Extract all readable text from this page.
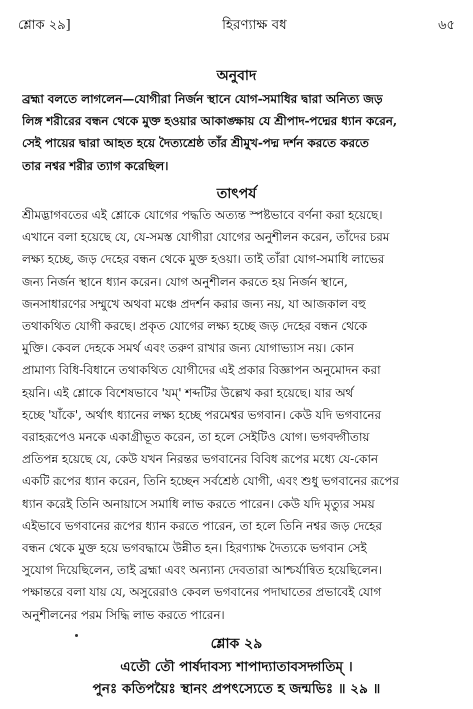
শ্লোক ২৯]	হিরণ্যাক্ষ বধ	৬৫
অনুবাদ
ব্রহ্মা বলতে লাগলেন—যোগীরা নির্জন স্থানে যোগ-সমাধির দ্বারা অনিত্য জড়
লিঙ্গ শরীরের বন্ধন থেকে মুক্ত হওয়ার আকাঙ্ক্ষায় যে শ্রীপাদ-পদ্মের ধ্যান করেন,
সেই পায়ের দ্বারা আহত হয়ে দৈত্যশ্রেষ্ঠ তাঁর শ্রীমুখ-পদ্ম দর্শন করতে করতে
তার নশ্বর শরীর ত্যাগ করেছিল।
তাৎপর্য
শ্রীমদ্ভাগবতের এই শ্লোকে যোগের পদ্ধতি অত্যন্ত স্পষ্টভাবে বর্ণনা করা হয়েছে।
এখানে বলা হয়েছে যে, যে-সমস্ত যোগীরা যোগের অনুশীলন করেন, তাঁদের চরম
লক্ষ্য হচ্ছে, জড় দেহের বন্ধন থেকে মুক্ত হওয়া। তাই তাঁরা যোগ-সমাধি লাভের
জন্য নির্জন স্থানে ধ্যান করেন। যোগ অনুশীলন করতে হয় নির্জন স্থানে,
জনসাধারণের সম্মুখে অথবা মঞ্চে প্রদর্শন করার জন্য নয়, যা আজকাল বহু
তথাকথিত যোগী করছে। প্রকৃত যোগের লক্ষ্য হচ্ছে জড় দেহের বন্ধন থেকে
মুক্তি। কেবল দেহকে সমর্থ এবং তরুণ রাখার জন্য যোগাভ্যাস নয়। কোন
প্রামাণ্য বিধি-বিধানে তথাকথিত যোগীদের এই প্রকার বিজ্ঞাপন অনুমোদন করা
হয়নি। এই শ্লোকে বিশেষভাবে 'যম্' শব্দটির উল্লেখ করা হয়েছে। যার অর্থ
হচ্ছে 'যাঁকে', অর্থাৎ ধ্যানের লক্ষ্য হচ্ছে পরমেশ্বর ভগবান। কেউ যদি ভগবানের
বরাহরূপেও মনকে একাগ্রীভূত করেন, তা হলে সেইটিও যোগ। ভগবদ্গীতায়
প্রতিপন্ন হয়েছে যে, কেউ যখন নিরন্তর ভগবানের বিবিধ রূপের মধ্যে যে-কোন
একটি রূপের ধ্যান করেন, তিনি হচ্ছেন সর্বশ্রেষ্ঠ যোগী, এবং শুধু ভগবানের রূপের
ধ্যান করেই তিনি অনায়াসে সমাধি লাভ করতে পারেন। কেউ যদি মৃত্যুর সময়
এইভাবে ভগবানের রূপের ধ্যান করতে পারেন, তা হলে তিনি নশ্বর জড় দেহের
বন্ধন থেকে মুক্ত হয়ে ভগবদ্ধামে উন্নীত হন। হিরণ্যাক্ষ দৈত্যকে ভগবান সেই
সুযোগ দিয়েছিলেন, তাই ব্রহ্মা এবং অন্যান্য দেবতারা আশ্চর্যান্বিত হয়েছিলেন।
পক্ষান্তরে বলা যায় যে, অসুরেরাও কেবল ভগবানের পদাঘাতের প্রভাবেই যোগ
অনুশীলনের পরম সিদ্ধি লাভ করতে পারেন।
শ্লোক ২৯
এতৌ তৌ পার্ষদাবস্য শাপাদ্যাতাবসদ্গতিম্ ।
পুনঃ কতিপয়ৈঃ স্থানং প্রপৎস্যেতে হ জন্মভিঃ ॥ ২৯ ॥
